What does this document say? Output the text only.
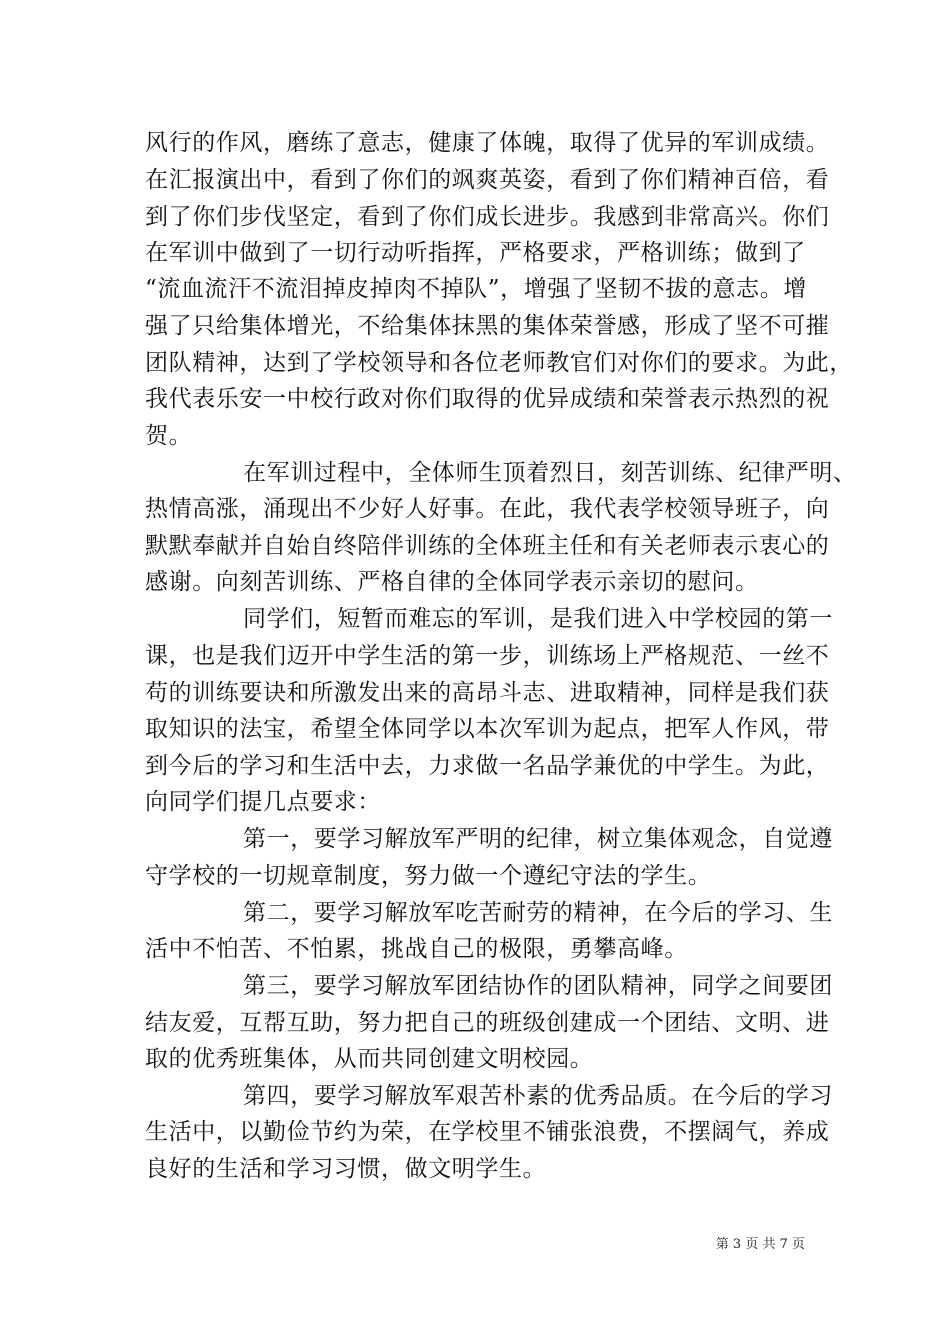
风行的作风，磨练了意志，健康了体魄，取得了优异的军训成绩。
在汇报演出中，看到了你们的飒爽英姿，看到了你们精神百倍，看
到了你们步伐坚定，看到了你们成长进步。我感到非常高兴。你们
在军训中做到了一切行动听指挥，严格要求，严格训练；做到了
“流血流汗不流泪掉皮掉肉不掉队”，增强了坚韧不拔的意志。增
强了只给集体增光，不给集体抹黑的集体荣誉感，形成了坚不可摧
团队精神，达到了学校领导和各位老师教官们对你们的要求。为此，
我代表乐安一中校行政对你们取得的优异成绩和荣誉表示热烈的祝
贺。
在军训过程中，全体师生顶着烈日，刻苦训练、纪律严明、
热情高涨，涌现出不少好人好事。在此，我代表学校领导班子，向
默默奉献并自始自终陪伴训练的全体班主任和有关老师表示衷心的
感谢。向刻苦训练、严格自律的全体同学表示亲切的慰问。
同学们，短暂而难忘的军训，是我们进入中学校园的第一
课，也是我们迈开中学生活的第一步，训练场上严格规范、一丝不
苟的训练要诀和所激发出来的高昂斗志、进取精神，同样是我们获
取知识的法宝，希望全体同学以本次军训为起点，把军人作风，带
到今后的学习和生活中去，力求做一名品学兼优的中学生。为此，
向同学们提几点要求：
第一，要学习解放军严明的纪律，树立集体观念，自觉遵
守学校的一切规章制度，努力做一个遵纪守法的学生。
第二，要学习解放军吃苦耐劳的精神，在今后的学习、生
活中不怕苦、不怕累，挑战自己的极限，勇攀高峰。
第三，要学习解放军团结协作的团队精神，同学之间要团
结友爱，互帮互助，努力把自己的班级创建成一个团结、文明、进
取的优秀班集体，从而共同创建文明校园。
第四，要学习解放军艰苦朴素的优秀品质。在今后的学习
生活中，以勤俭节约为荣，在学校里不铺张浪费，不摆阔气，养成
良好的生活和学习习惯，做文明学生。
第 3 页 共 7 页
